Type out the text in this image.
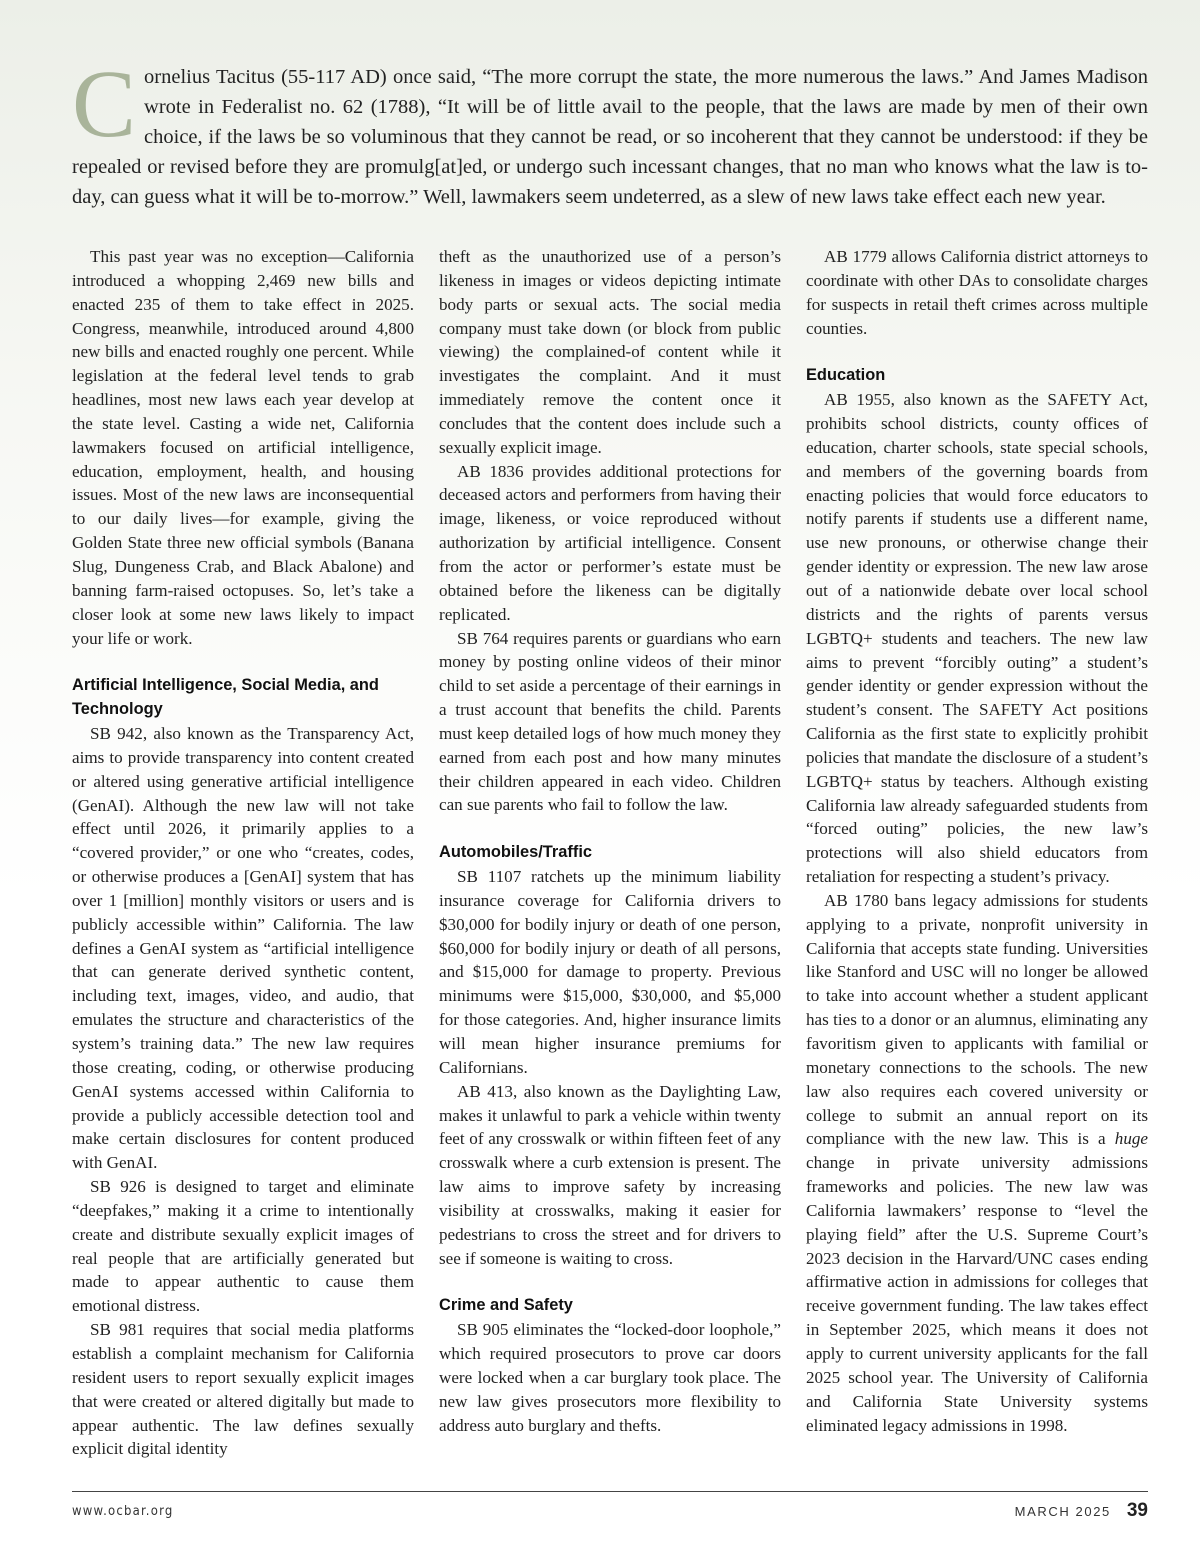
Cornelius Tacitus (55-117 AD) once said, “The more corrupt the state, the more numerous the laws.” And James Madison wrote in Federalist no. 62 (1788), “It will be of little avail to the people, that the laws are made by men of their own choice, if the laws be so voluminous that they cannot be read, or so incoherent that they cannot be understood: if they be repealed or revised before they are promulg[at]ed, or undergo such incessant changes, that no man who knows what the law is to-day, can guess what it will be to-morrow.” Well, lawmakers seem undeterred, as a slew of new laws take effect each new year.

This past year was no exception—California introduced a whopping 2,469 new bills and enacted 235 of them to take effect in 2025. Congress, meanwhile, introduced around 4,800 new bills and enacted roughly one percent. While legislation at the federal level tends to grab headlines, most new laws each year develop at the state level. Casting a wide net, California lawmakers focused on artificial intelligence, education, employment, health, and housing issues. Most of the new laws are inconsequential to our daily lives—for example, giving the Golden State three new official symbols (Banana Slug, Dungeness Crab, and Black Abalone) and banning farm-raised octopuses. So, let’s take a closer look at some new laws likely to impact your life or work.

Artificial Intelligence, Social Media, and Technology

SB 942, also known as the Transparency Act, aims to provide transparency into content created or altered using generative artificial intelligence (GenAI). Although the new law will not take effect until 2026, it primarily applies to a “covered provider,” or one who “creates, codes, or otherwise produces a [GenAI] system that has over 1 [million] monthly visitors or users and is publicly accessible within” California. The law defines a GenAI system as “artificial intelligence that can generate derived synthetic content, including text, images, video, and audio, that emulates the structure and characteristics of the system’s training data.” The new law requires those creating, coding, or otherwise producing GenAI systems accessed within California to provide a publicly accessible detection tool and make certain disclosures for content produced with GenAI.

SB 926 is designed to target and eliminate “deepfakes,” making it a crime to intentionally create and distribute sexually explicit images of real people that are artificially generated but made to appear authentic to cause them emotional distress.

SB 981 requires that social media platforms establish a complaint mechanism for California resident users to report sexually explicit images that were created or altered digitally but made to appear authentic. The law defines sexually explicit digital identity

theft as the unauthorized use of a person’s likeness in images or videos depicting intimate body parts or sexual acts. The social media company must take down (or block from public viewing) the complained-of content while it investigates the complaint. And it must immediately remove the content once it concludes that the content does include such a sexually explicit image.

AB 1836 provides additional protections for deceased actors and performers from having their image, likeness, or voice reproduced without authorization by artificial intelligence. Consent from the actor or performer’s estate must be obtained before the likeness can be digitally replicated.

SB 764 requires parents or guardians who earn money by posting online videos of their minor child to set aside a percentage of their earnings in a trust account that benefits the child. Parents must keep detailed logs of how much money they earned from each post and how many minutes their children appeared in each video. Children can sue parents who fail to follow the law.

Automobiles/Traffic

SB 1107 ratchets up the minimum liability insurance coverage for California drivers to $30,000 for bodily injury or death of one person, $60,000 for bodily injury or death of all persons, and $15,000 for damage to property. Previous minimums were $15,000, $30,000, and $5,000 for those categories. And, higher insurance limits will mean higher insurance premiums for Californians.

AB 413, also known as the Daylighting Law, makes it unlawful to park a vehicle within twenty feet of any crosswalk or within fifteen feet of any crosswalk where a curb extension is present. The law aims to improve safety by increasing visibility at crosswalks, making it easier for pedestrians to cross the street and for drivers to see if someone is waiting to cross.

Crime and Safety

SB 905 eliminates the “locked-door loophole,” which required prosecutors to prove car doors were locked when a car burglary took place. The new law gives prosecutors more flexibility to address auto burglary and thefts.

AB 1779 allows California district attorneys to coordinate with other DAs to consolidate charges for suspects in retail theft crimes across multiple counties.

Education

AB 1955, also known as the SAFETY Act, prohibits school districts, county offices of education, charter schools, state special schools, and members of the governing boards from enacting policies that would force educators to notify parents if students use a different name, use new pronouns, or otherwise change their gender identity or expression. The new law arose out of a nationwide debate over local school districts and the rights of parents versus LGBTQ+ students and teachers. The new law aims to prevent “forcibly outing” a student’s gender identity or gender expression without the student’s consent. The SAFETY Act positions California as the first state to explicitly prohibit policies that mandate the disclosure of a student’s LGBTQ+ status by teachers. Although existing California law already safeguarded students from “forced outing” policies, the new law’s protections will also shield educators from retaliation for respecting a student’s privacy.

AB 1780 bans legacy admissions for students applying to a private, nonprofit university in California that accepts state funding. Universities like Stanford and USC will no longer be allowed to take into account whether a student applicant has ties to a donor or an alumnus, eliminating any favoritism given to applicants with familial or monetary connections to the schools. The new law also requires each covered university or college to submit an annual report on its compliance with the new law. This is a huge change in private university admissions frameworks and policies. The new law was California lawmakers’ response to “level the playing field” after the U.S. Supreme Court’s 2023 decision in the Harvard/UNC cases ending affirmative action in admissions for colleges that receive government funding. The law takes effect in September 2025, which means it does not apply to current university applicants for the fall 2025 school year. The University of California and California State University systems eliminated legacy admissions in 1998.

www.ocbar.org	MARCH 2025 39
